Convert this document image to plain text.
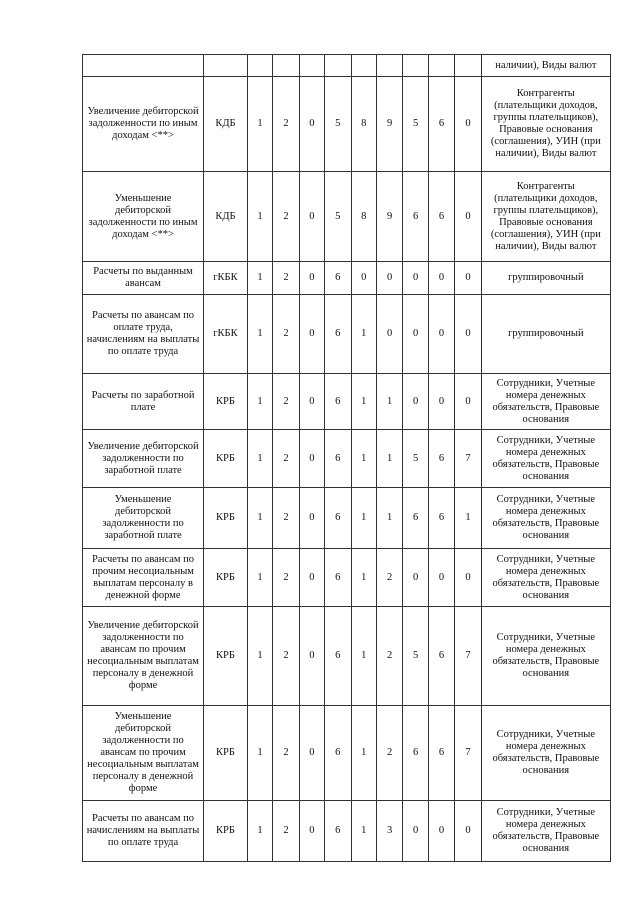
											наличии), Виды валют
Увеличение дебиторской задолженности по иным доходам <**>	КДБ	1	2	0	5	8	9	5	6	0	Контрагенты (плательщики доходов, группы плательщиков), Правовые основания (соглашения), УИН (при наличии), Виды валют
Уменьшение дебиторской задолженности по иным доходам <**>	КДБ	1	2	0	5	8	9	6	6	0	Контрагенты (плательщики доходов, группы плательщиков), Правовые основания (соглашения), УИН (при наличии), Виды валют
Расчеты по выданным авансам	гКБК	1	2	0	6	0	0	0	0	0	группировочный
Расчеты по авансам по оплате труда, начислениям на выплаты по оплате труда	гКБК	1	2	0	6	1	0	0	0	0	группировочный
Расчеты по заработной плате	КРБ	1	2	0	6	1	1	0	0	0	Сотрудники, Учетные номера денежных обязательств, Правовые основания
Увеличение дебиторской задолженности по заработной плате	КРБ	1	2	0	6	1	1	5	6	7	Сотрудники, Учетные номера денежных обязательств, Правовые основания
Уменьшение дебиторской задолженности по заработной плате	КРБ	1	2	0	6	1	1	6	6	1	Сотрудники, Учетные номера денежных обязательств, Правовые основания
Расчеты по авансам по прочим несоциальным выплатам персоналу в денежной форме	КРБ	1	2	0	6	1	2	0	0	0	Сотрудники, Учетные номера денежных обязательств, Правовые основания
Увеличение дебиторской задолженности по авансам по прочим несоциальным выплатам персоналу в денежной форме	КРБ	1	2	0	6	1	2	5	6	7	Сотрудники, Учетные номера денежных обязательств, Правовые основания
Уменьшение дебиторской задолженности по авансам по прочим несоциальным выплатам персоналу в денежной форме	КРБ	1	2	0	6	1	2	6	6	7	Сотрудники, Учетные номера денежных обязательств, Правовые основания
Расчеты по авансам по начислениям на выплаты по оплате труда	КРБ	1	2	0	6	1	3	0	0	0	Сотрудники, Учетные номера денежных обязательств, Правовые основания
